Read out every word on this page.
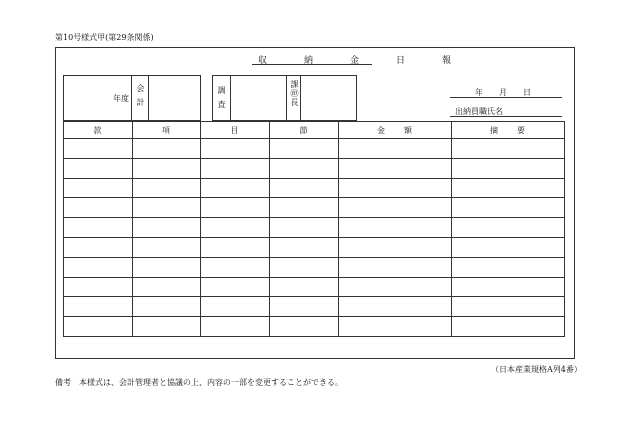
第10号様式甲(第29条関係)
収　納　金　日　報
年度 会計	調査	課㊞長	年　　月　　日
出納員職氏名
款	項	目	節	金　　額	摘　　要

（日本産業規格A列4番）
備考　本様式は、会計管理者と協議の上、内容の一部を変更することができる。
